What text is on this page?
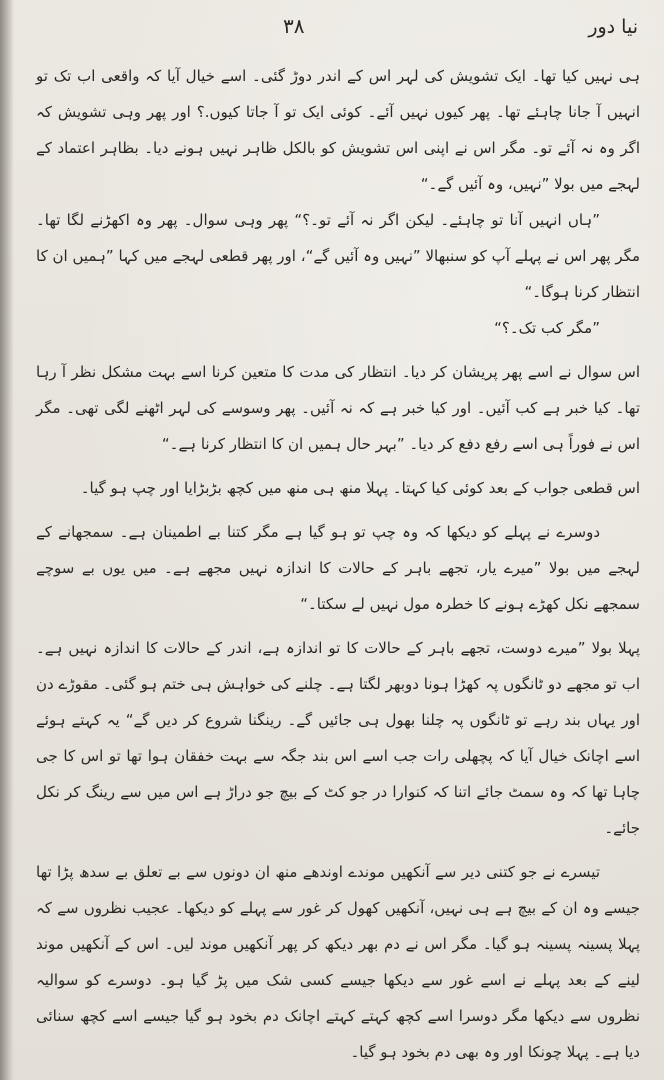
نیا دور
۳۸

ہی نہیں کیا تھا۔ ایک تشویش کی لہر اس کے اندر دوڑ گئی۔ اسے خیال آیا کہ واقعی اب تک تو انہیں آ جانا چاہئے تھا۔ پھر کیوں نہیں آئے۔ کوئی ایک تو آ جاتا کیوں.؟ اور پھر وہی تشویش کہ اگر وہ نہ آئے تو۔ مگر اس نے اپنی اس تشویش کو بالکل ظاہر نہیں ہونے دیا۔ بظاہر اعتماد کے لہجے میں بولا ”نہیں، وہ آئیں گے۔“

”ہاں انہیں آنا تو چاہئے۔ لیکن اگر نہ آئے تو۔؟“ پھر وہی سوال۔ پھر وہ اکھڑنے لگا تھا۔ مگر پھر اس نے پہلے آپ کو سنبھالا ”نہیں وہ آئیں گے“، اور پھر قطعی لہجے میں کہا ”ہمیں ان کا انتظار کرنا ہوگا۔“

”مگر کب تک۔؟“

اس سوال نے اسے پھر پریشان کر دیا۔ انتظار کی مدت کا متعین کرنا اسے بہت مشکل نظر آ رہا تھا۔ کیا خبر ہے کب آئیں۔ اور کیا خبر ہے کہ نہ آئیں۔ پھر وسوسے کی لہر اٹھنے لگی تھی۔ مگر اس نے فوراً ہی اسے رفع دفع کر دیا۔ ”بہر حال ہمیں ان کا انتظار کرنا ہے۔“

اس قطعی جواب کے بعد کوئی کیا کہتا۔ پہلا منھ ہی منھ میں کچھ بڑبڑایا اور چپ ہو گیا۔

دوسرے نے پہلے کو دیکھا کہ وہ چپ تو ہو گیا ہے مگر کتنا بے اطمینان ہے۔ سمجھانے کے لہجے میں بولا ”میرے یار، تجھے باہر کے حالات کا اندازہ نہیں مجھے ہے۔ میں یوں بے سوچے سمجھے نکل کھڑے ہونے کا خطرہ مول نہیں لے سکتا۔“

پہلا بولا ”میرے دوست، تجھے باہر کے حالات کا تو اندازہ ہے، اندر کے حالات کا اندازہ نہیں ہے۔ اب تو مجھے دو ٹانگوں پہ کھڑا ہونا دوبھر لگتا ہے۔ چلنے کی خواہش ہی ختم ہو گئی۔ مقوڑے دن اور یہاں بند رہے تو ٹانگوں پہ چلنا بھول ہی جائیں گے۔ رینگنا شروع کر دیں گے“ یہ کہتے ہوئے اسے اچانک خیال آیا کہ پچھلی رات جب اسے اس بند جگہ سے بہت خفقان ہوا تھا تو اس کا جی چاہا تھا کہ وہ سمٹ جائے اتنا کہ کنوارا در جو کٹ کے بیچ جو دراڑ ہے اس میں سے رینگ کر نکل جائے۔

تیسرے نے جو کتنی دیر سے آنکھیں موندے اوندھے منھ ان دونوں سے بے تعلق بے سدھ پڑا تھا جیسے وہ ان کے بیچ ہے ہی نہیں، آنکھیں کھول کر غور سے پہلے کو دیکھا۔ عجیب نظروں سے کہ پہلا پسینہ پسینہ ہو گیا۔ مگر اس نے دم بھر دیکھ کر پھر آنکھیں موند لیں۔ اس کے آنکھیں موند لینے کے بعد پہلے نے اسے غور سے دیکھا جیسے کسی شک میں پڑ گیا ہو۔ دوسرے کو سوالیہ نظروں سے دیکھا مگر دوسرا اسے کچھ کہتے کہتے اچانک دم بخود ہو گیا جیسے اسے کچھ سنائی دیا ہے۔ پہلا چونکا اور وہ بھی دم بخود ہو گیا۔
